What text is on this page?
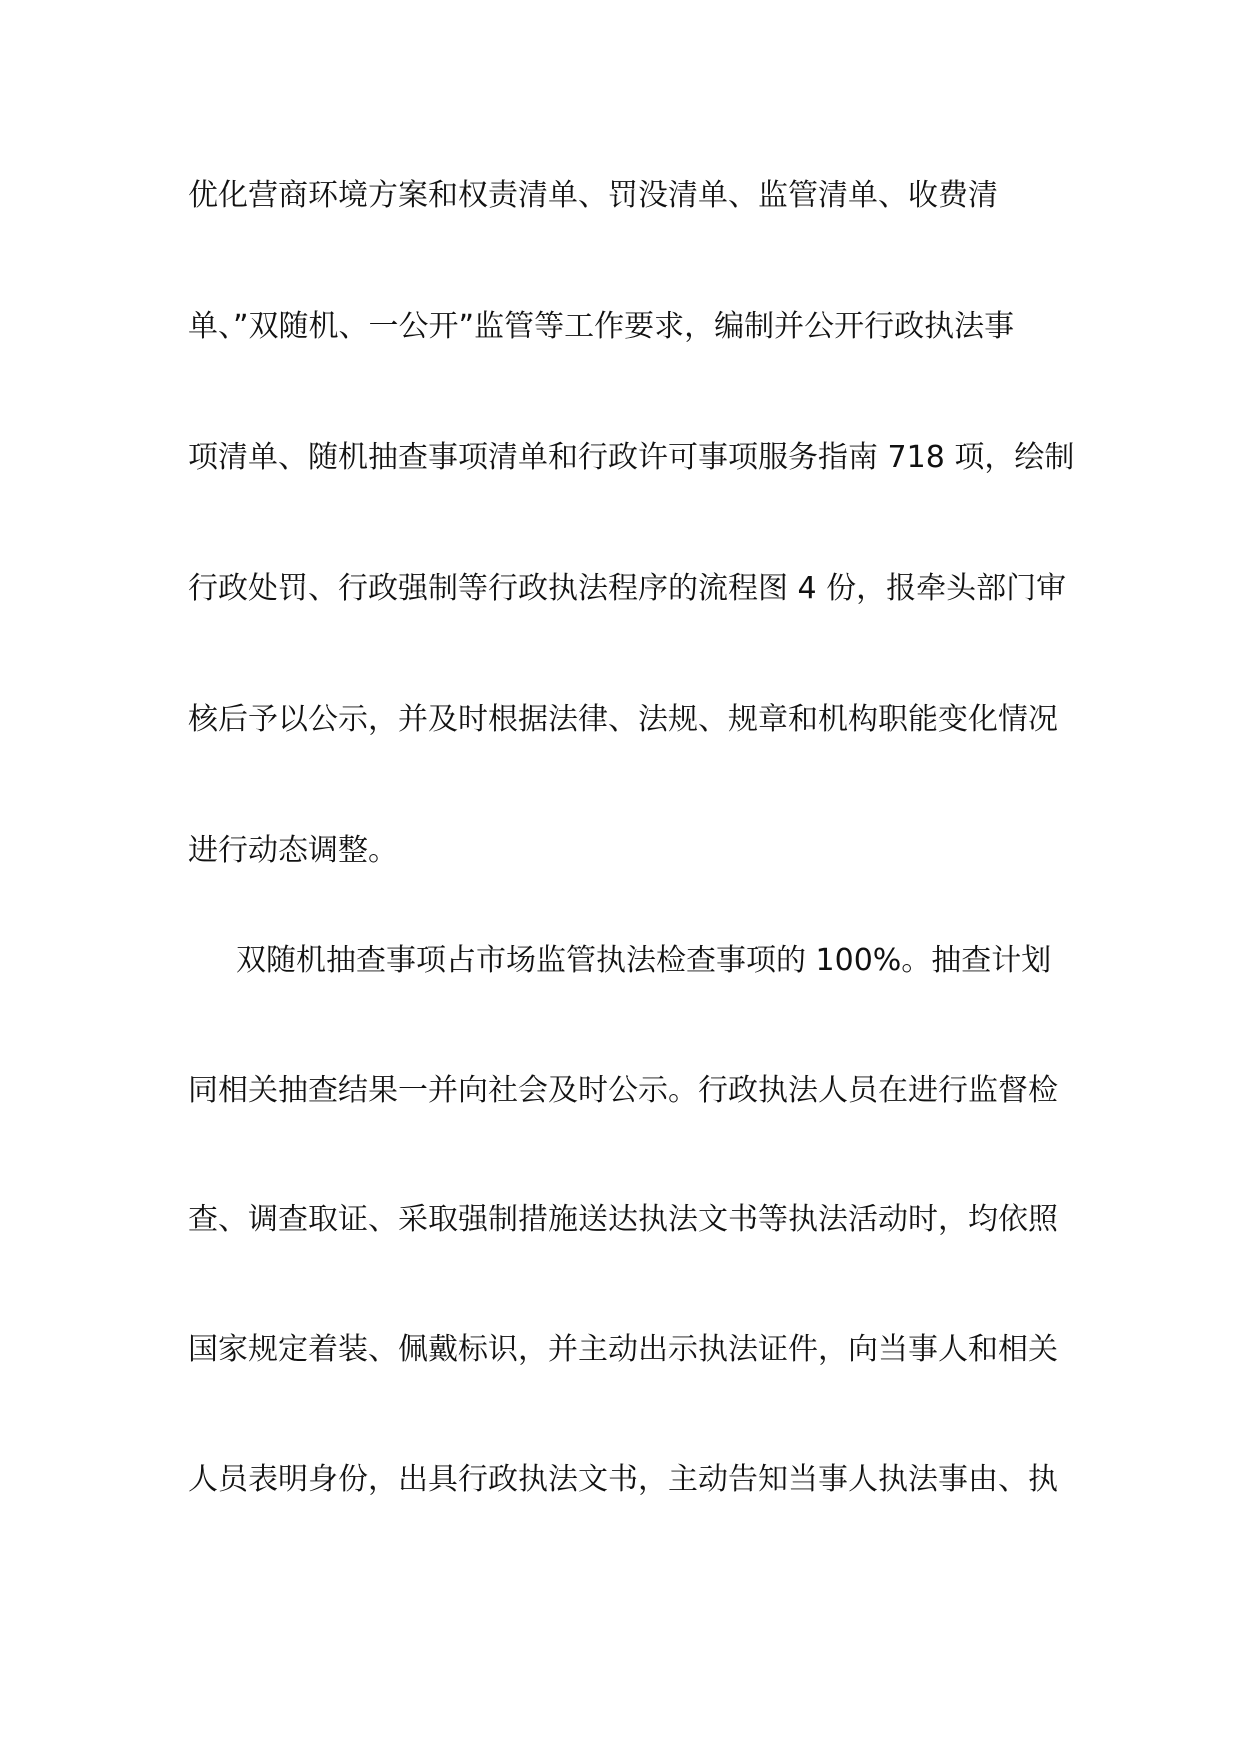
优化营商环境方案和权责清单、罚没清单、监管清单、收费清
单、”双随机、一公开”监管等工作要求，编制并公开行政执法事
项清单、随机抽查事项清单和行政许可事项服务指南 718 项，绘制
行政处罚、行政强制等行政执法程序的流程图 4 份，报牵头部门审
核后予以公示，并及时根据法律、法规、规章和机构职能变化情况
进行动态调整。
双随机抽查事项占市场监管执法检查事项的 100%。抽查计划
同相关抽查结果一并向社会及时公示。行政执法人员在进行监督检
查、调查取证、采取强制措施送达执法文书等执法活动时，均依照
国家规定着装、佩戴标识，并主动出示执法证件，向当事人和相关
人员表明身份，出具行政执法文书，主动告知当事人执法事由、执
